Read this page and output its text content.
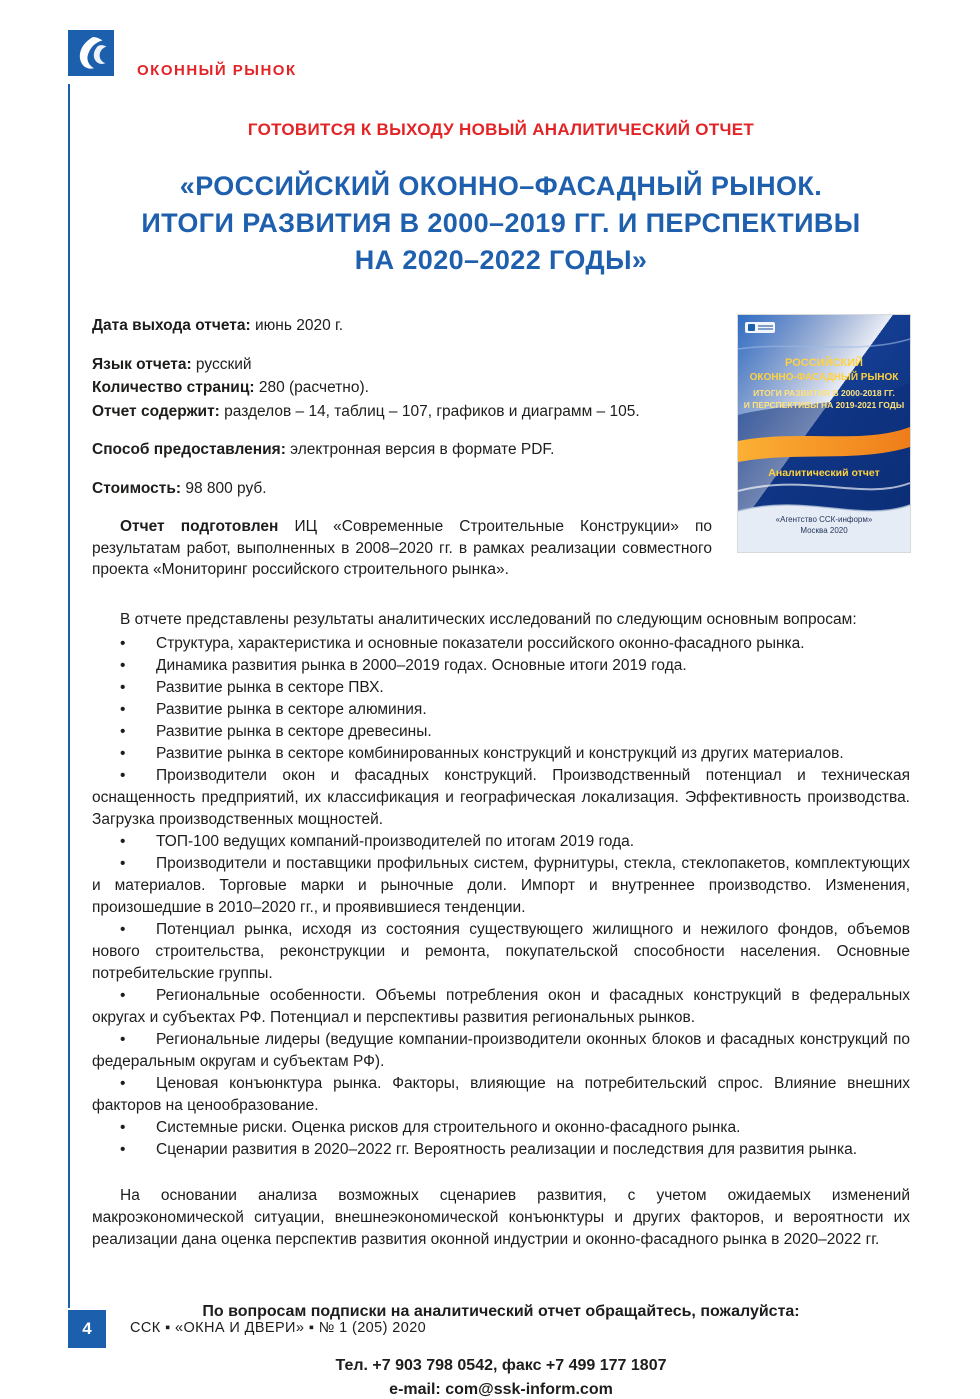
ОКОННЫЙ РЫНОК

ГОТОВИТСЯ К ВЫХОДУ НОВЫЙ АНАЛИТИЧЕСКИЙ ОТЧЕТ

«РОССИЙСКИЙ ОКОННО–ФАСАДНЫЙ РЫНОК.
ИТОГИ РАЗВИТИЯ В 2000–2019 ГГ. И ПЕРСПЕКТИВЫ
НА 2020–2022 ГОДЫ»

Дата выхода отчета: июнь 2020 г.

Язык отчета: русский

Количество страниц: 280 (расчетно).

Отчет содержит: разделов – 14, таблиц – 107, графиков и диаграмм – 105.

Способ предоставления: электронная версия в формате PDF.

Стоимость: 98 800 руб.

Отчет подготовлен ИЦ «Современные Строительные Конструкции» по результатам работ, выполненных в 2008–2020 гг. в рамках реализации совместного проекта «Мониторинг российского строительного рынка».

РОССИЙСКИЙ
ОКОННО-ФАСАДНЫЙ РЫНОК
ИТОГИ РАЗВИТИЯ В 2000-2018 ГГ.
И ПЕРСПЕКТИВЫ НА 2019-2021 ГОДЫ
Аналитический отчет
«Агентство ССК-информ»
Москва 2020

В отчете представлены результаты аналитических исследований по следующим основным вопросам:

• Структура, характеристика и основные показатели российского оконно-фасадного рынка.

• Динамика развития рынка в 2000–2019 годах. Основные итоги 2019 года.

• Развитие рынка в секторе ПВХ.

• Развитие рынка в секторе алюминия.

• Развитие рынка в секторе древесины.

• Развитие рынка в секторе комбинированных конструкций и конструкций из других материалов.

• Производители окон и фасадных конструкций. Производственный потенциал и техническая оснащенность предприятий, их классификация и географическая локализация. Эффективность производства. Загрузка производственных мощностей.

• ТОП-100 ведущих компаний-производителей по итогам 2019 года.

• Производители и поставщики профильных систем, фурнитуры, стекла, стеклопакетов, комплектующих и материалов. Торговые марки и рыночные доли. Импорт и внутреннее производство. Изменения, произошедшие в 2010–2020 гг., и проявившиеся тенденции.

• Потенциал рынка, исходя из состояния существующего жилищного и нежилого фондов, объемов нового строительства, реконструкции и ремонта, покупательской способности населения. Основные потребительские группы.

• Региональные особенности. Объемы потребления окон и фасадных конструкций в федеральных округах и субъектах РФ. Потенциал и перспективы развития региональных рынков.

• Региональные лидеры (ведущие компании-производители оконных блоков и фасадных конструкций по федеральным округам и субъектам РФ).

• Ценовая конъюнктура рынка. Факторы, влияющие на потребительский спрос. Влияние внешних факторов на ценообразование.

• Системные риски. Оценка рисков для строительного и оконно-фасадного рынка.

• Сценарии развития в 2020–2022 гг. Вероятность реализации и последствия для развития рынка.

На основании анализа возможных сценариев развития, с учетом ожидаемых изменений макроэкономической ситуации, внешнеэкономической конъюнктуры и других факторов, и вероятности их реализации дана оценка перспектив развития оконной индустрии и оконно-фасадного рынка в 2020–2022 гг.

По вопросам подписки на аналитический отчет обращайтесь, пожалуйста:

Тел. +7 903 798 0542, факс +7 499 177 1807

e-mail: com@ssk-inform.com

4	ССК ▪ «ОКНА И ДВЕРИ» ▪ № 1 (205) 2020
